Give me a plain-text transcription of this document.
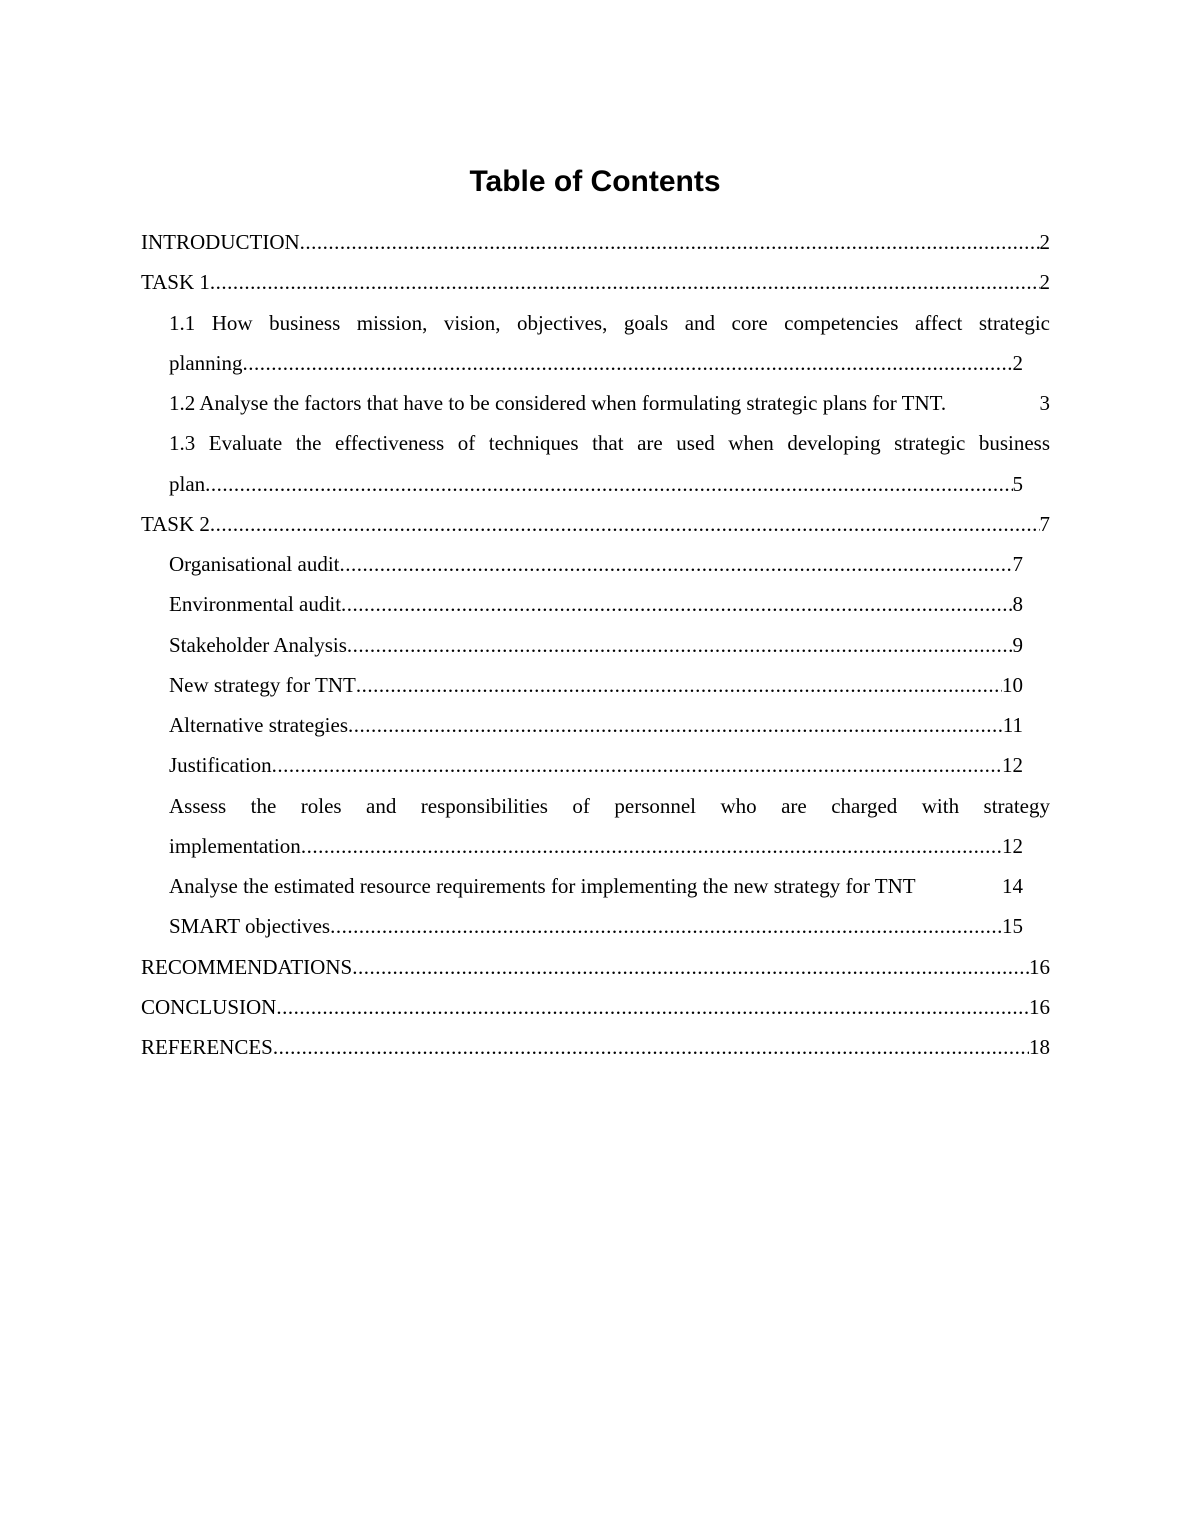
Table of Contents
INTRODUCTION .....	2
TASK 1 .....	2
1.1 How business mission, vision, objectives, goals and core competencies affect strategic
planning .....	2
1.2 Analyse the factors that have to be considered when formulating strategic plans for TNT.	3
1.3 Evaluate the effectiveness of techniques that are used when developing strategic business
plan .....	5
TASK 2 .....	7
Organisational audit .....	7
Environmental audit .....	8
Stakeholder Analysis .....	9
New strategy for TNT .....	10
Alternative strategies .....	11
Justification .....	12
Assess the roles and responsibilities of personnel who are charged with strategy
implementation .....	12
Analyse the estimated resource requirements for implementing the new strategy for TNT	14
SMART objectives .....	15
RECOMMENDATIONS .....	16
CONCLUSION .....	16
REFERENCES .....	18
